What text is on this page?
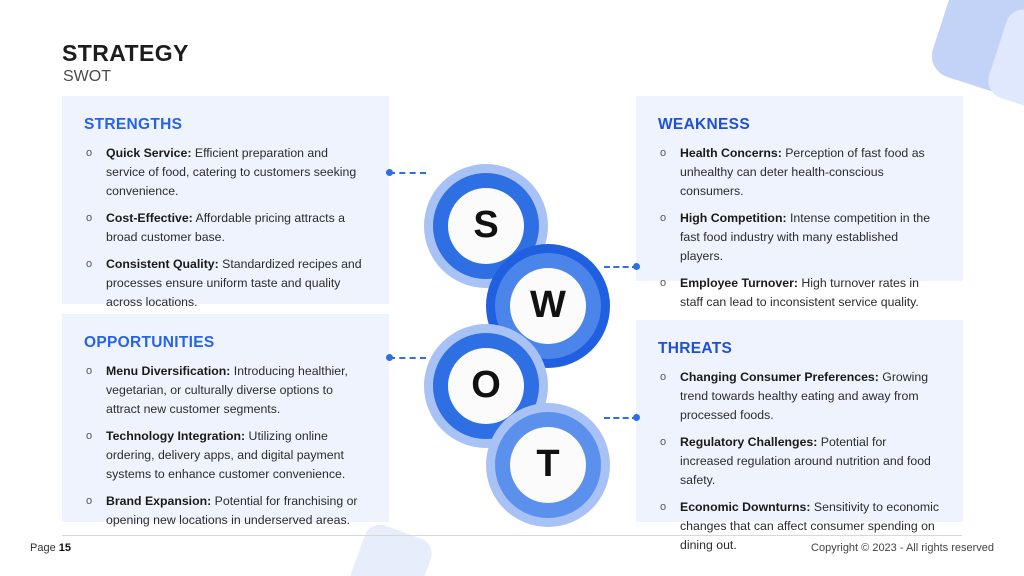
STRATEGY
SWOT
STRENGTHS
o Quick Service: Efficient preparation and service of food, catering to customers seeking convenience.
o Cost-Effective: Affordable pricing attracts a broad customer base.
o Consistent Quality: Standardized recipes and processes ensure uniform taste and quality across locations.
OPPORTUNITIES
o Menu Diversification: Introducing healthier, vegetarian, or culturally diverse options to attract new customer segments.
o Technology Integration: Utilizing online ordering, delivery apps, and digital payment systems to enhance customer convenience.
o Brand Expansion: Potential for franchising or opening new locations in underserved areas.
WEAKNESS
o Health Concerns: Perception of fast food as unhealthy can deter health-conscious consumers.
o High Competition: Intense competition in the fast food industry with many established players.
o Employee Turnover: High turnover rates in staff can lead to inconsistent service quality.
THREATS
o Changing Consumer Preferences: Growing trend towards healthy eating and away from processed foods.
o Regulatory Challenges: Potential for increased regulation around nutrition and food safety.
o Economic Downturns: Sensitivity to economic changes that can affect consumer spending on dining out.
S
W
O
T
Page 15	Copyright © 2023 - All rights reserved
